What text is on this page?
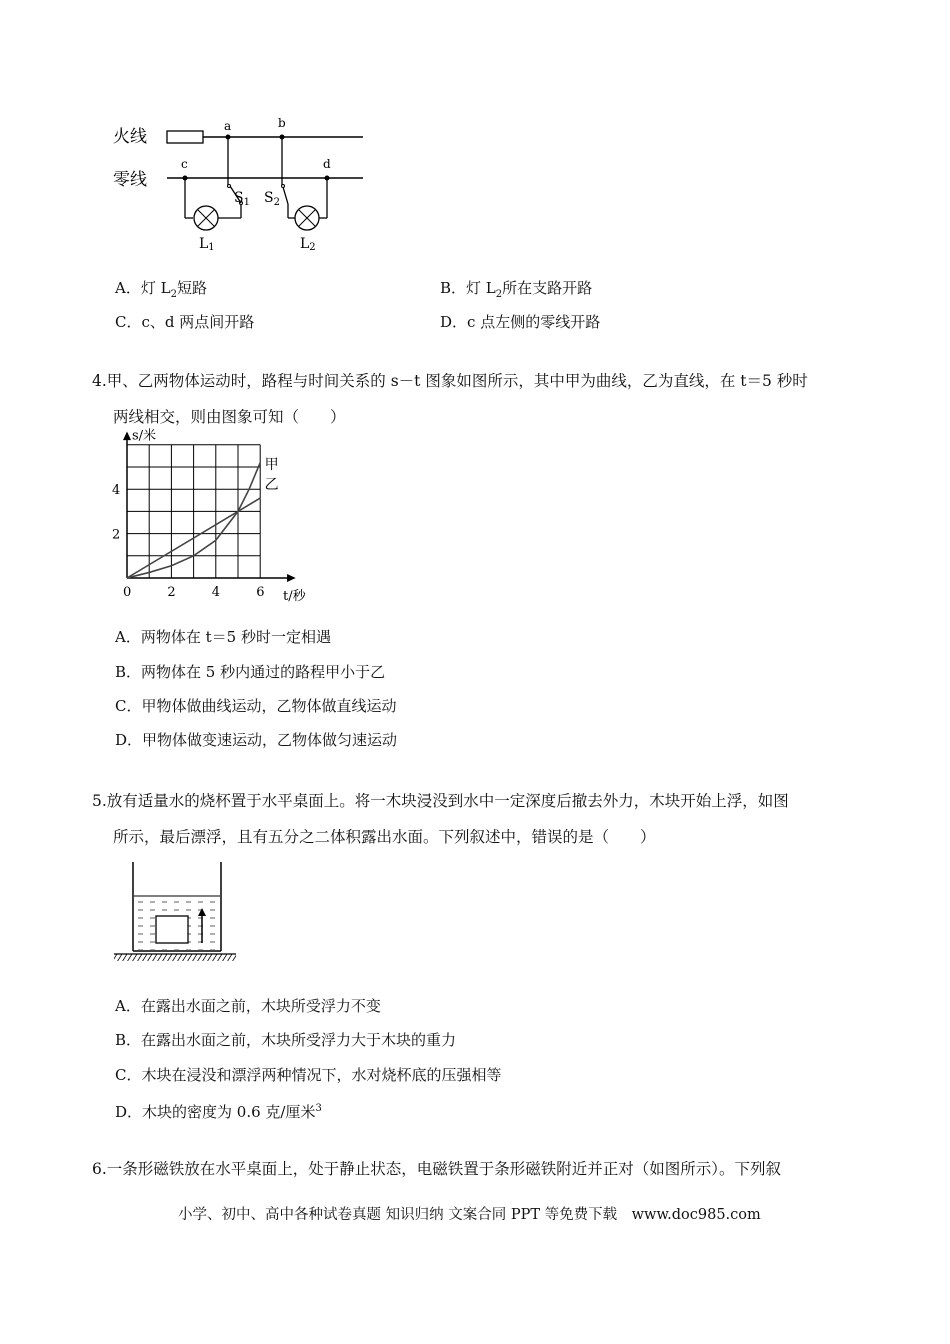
火线
零线
a	b
c	d
$S_1$ $S_2$
L1	L2
A．灯 $L_2$短路	B．灯 $L_2$所在支路开路
C．c、d 两点间开路	D．c 点左侧的零线开路
4.甲、乙两物体运动时，路程与时间关系的 s－t 图象如图所示，其中甲为曲线，乙为直线，在 t＝5 秒时
两线相交，则由图象可知（　　）
0	2	4	6
2
4
s/米
t/秒
甲
乙
A．两物体在 t＝5 秒时一定相遇
B．两物体在 5 秒内通过的路程甲小于乙
C．甲物体做曲线运动，乙物体做直线运动
D．甲物体做变速运动，乙物体做匀速运动
5.放有适量水的烧杯置于水平桌面上。将一木块浸没到水中一定深度后撤去外力，木块开始上浮，如图
所示，最后漂浮，且有五分之二体积露出水面。下列叙述中，错误的是（　　）
A．在露出水面之前，木块所受浮力不变
B．在露出水面之前，木块所受浮力大于木块的重力
C．木块在浸没和漂浮两种情况下，水对烧杯底的压强相等
D．木块的密度为 0.6 克/厘米$^3$
6.一条形磁铁放在水平桌面上，处于静止状态，电磁铁置于条形磁铁附近并正对（如图所示）。下列叙
小学、初中、高中各种试卷真题 知识归纳 文案合同 PPT 等免费下载　www.doc985.com
